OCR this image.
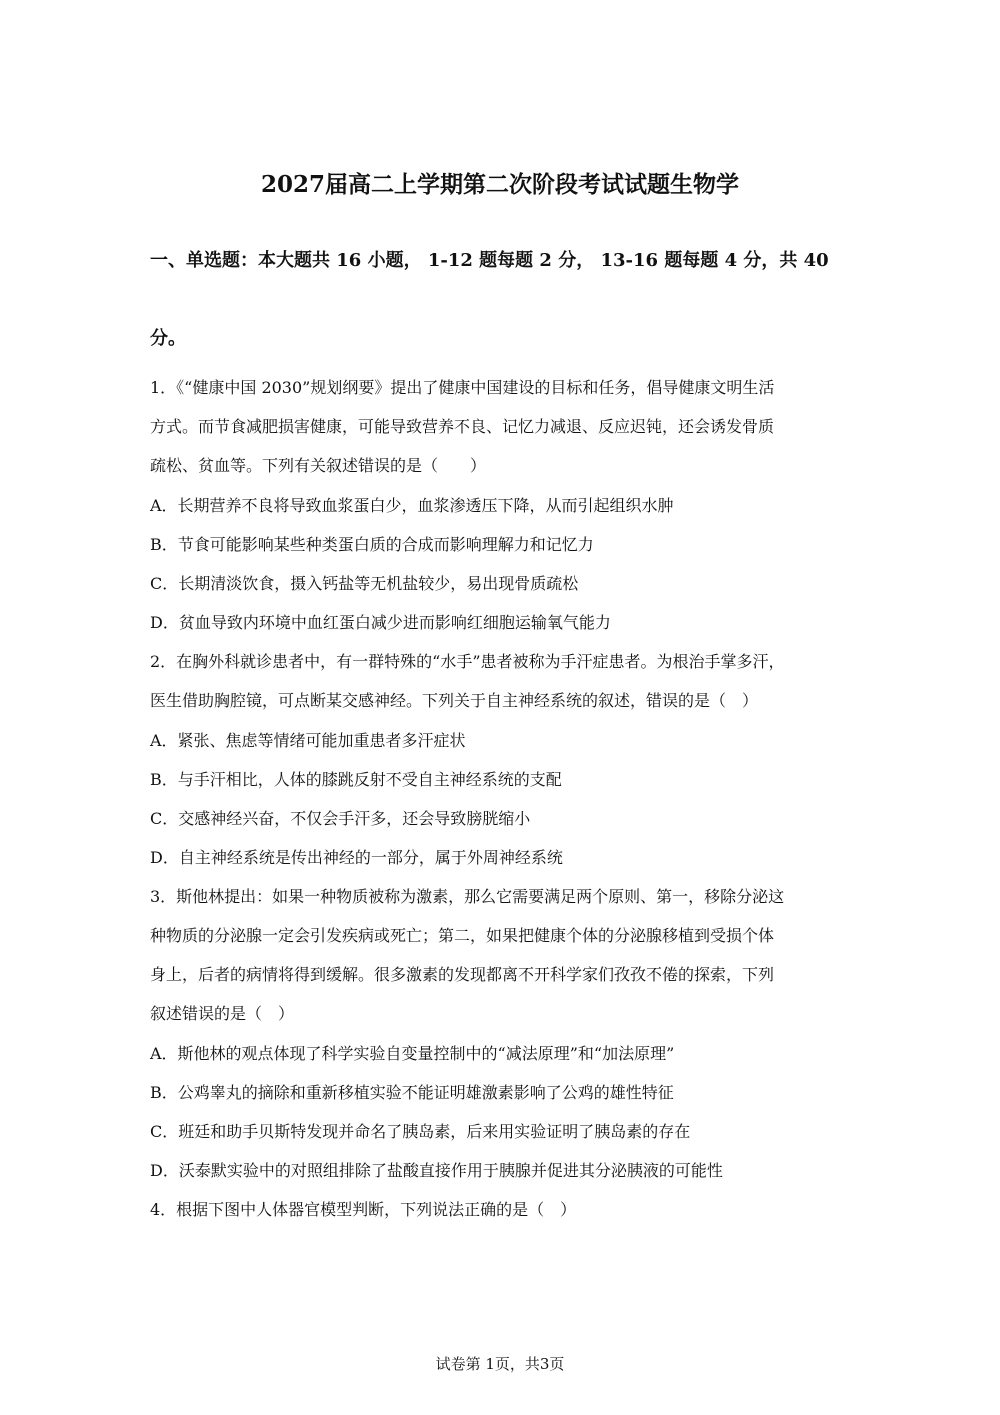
2027届高二上学期第二次阶段考试试题生物学
一、单选题：本大题共 16 小题， 1-12 题每题 2 分， 13-16 题每题 4 分，共 40
分。

1．《“健康中国 2030”规划纲要》提出了健康中国建设的目标和任务，倡导健康文明生活

方式。而节食减肥损害健康，可能导致营养不良、记忆力减退、反应迟钝，还会诱发骨质

疏松、贫血等。下列有关叙述错误的是（　　）

A．长期营养不良将导致血浆蛋白少，血浆渗透压下降，从而引起组织水肿

B．节食可能影响某些种类蛋白质的合成而影响理解力和记忆力

C．长期清淡饮食，摄入钙盐等无机盐较少，易出现骨质疏松

D．贫血导致内环境中血红蛋白减少进而影响红细胞运输氧气能力

2．在胸外科就诊患者中，有一群特殊的“水手”患者被称为手汗症患者。为根治手掌多汗，

医生借助胸腔镜，可点断某交感神经。下列关于自主神经系统的叙述，错误的是（　）

A．紧张、焦虑等情绪可能加重患者多汗症状

B．与手汗相比，人体的膝跳反射不受自主神经系统的支配

C．交感神经兴奋，不仅会手汗多，还会导致膀胱缩小

D．自主神经系统是传出神经的一部分，属于外周神经系统

3．斯他林提出：如果一种物质被称为激素，那么它需要满足两个原则、第一，移除分泌这

种物质的分泌腺一定会引发疾病或死亡；第二，如果把健康个体的分泌腺移植到受损个体

身上，后者的病情将得到缓解。很多激素的发现都离不开科学家们孜孜不倦的探索，下列

叙述错误的是（　）

A．斯他林的观点体现了科学实验自变量控制中的“减法原理”和“加法原理”

B．公鸡睾丸的摘除和重新移植实验不能证明雄激素影响了公鸡的雄性特征

C．班廷和助手贝斯特发现并命名了胰岛素，后来用实验证明了胰岛素的存在

D．沃泰默实验中的对照组排除了盐酸直接作用于胰腺并促进其分泌胰液的可能性

4．根据下图中人体器官模型判断，下列说法正确的是（　）

试卷第 1页，共3页
